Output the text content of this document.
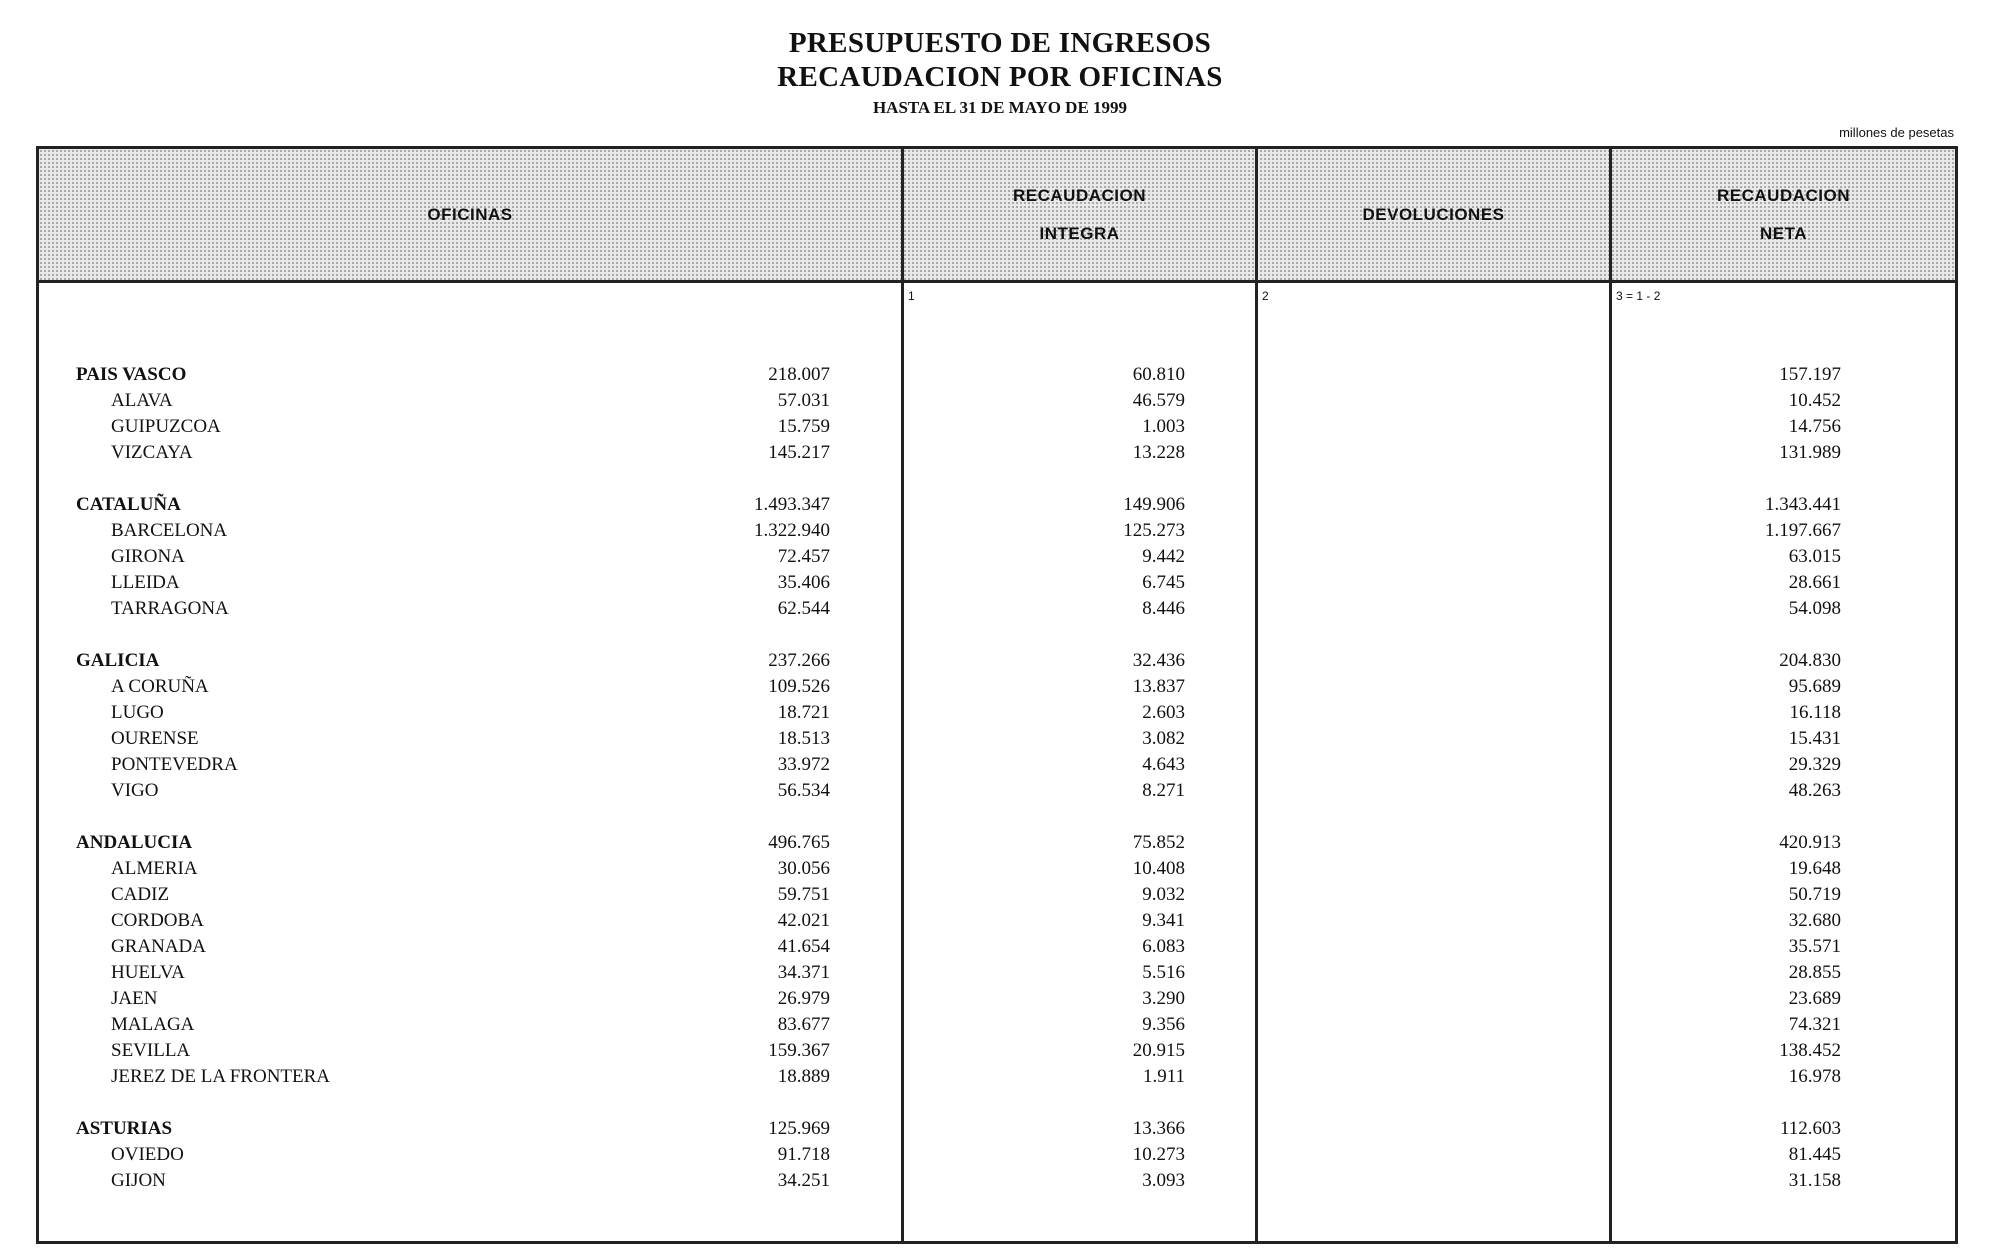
PRESUPUESTO DE INGRESOS
RECAUDACION POR OFICINAS
HASTA EL 31 DE MAYO DE 1999
millones de pesetas
OFICINAS
RECAUDACION
INTEGRA
DEVOLUCIONES
RECAUDACION
NETA
1	2	3 = 1 - 2
PAIS VASCO	218.007	60.810	157.197
ALAVA	57.031	46.579	10.452
GUIPUZCOA	15.759	1.003	14.756
VIZCAYA	145.217	13.228	131.989
CATALUÑA	1.493.347	149.906	1.343.441
BARCELONA	1.322.940	125.273	1.197.667
GIRONA	72.457	9.442	63.015
LLEIDA	35.406	6.745	28.661
TARRAGONA	62.544	8.446	54.098
GALICIA	237.266	32.436	204.830
A CORUÑA	109.526	13.837	95.689
LUGO	18.721	2.603	16.118
OURENSE	18.513	3.082	15.431
PONTEVEDRA	33.972	4.643	29.329
VIGO	56.534	8.271	48.263
ANDALUCIA	496.765	75.852	420.913
ALMERIA	30.056	10.408	19.648
CADIZ	59.751	9.032	50.719
CORDOBA	42.021	9.341	32.680
GRANADA	41.654	6.083	35.571
HUELVA	34.371	5.516	28.855
JAEN	26.979	3.290	23.689
MALAGA	83.677	9.356	74.321
SEVILLA	159.367	20.915	138.452
JEREZ DE LA FRONTERA	18.889	1.911	16.978
ASTURIAS	125.969	13.366	112.603
OVIEDO	91.718	10.273	81.445
GIJON	34.251	3.093	31.158
